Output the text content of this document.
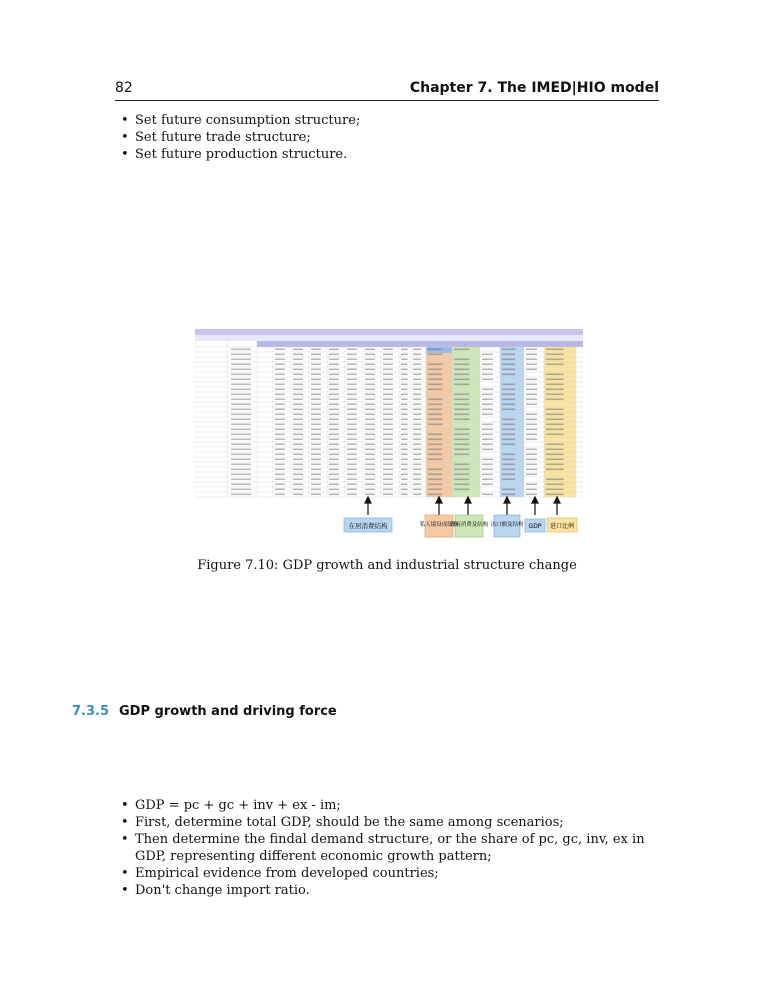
82	Chapter 7. The IMED|HIO model
• Set future consumption structure;
• Set future trade structure;
• Set future production structure.
在居消费结构	私人境设成结构
政府消费及结构 出口额及结构 GDP 进口比例
Figure 7.10: GDP growth and industrial structure change
7.3.5 GDP growth and driving force
• GDP = pc + gc + inv + ex - im;
• First, determine total GDP, should be the same among scenarios;
• Then determine the findal demand structure, or the share of pc, gc, inv, ex in GDP, representing different economic growth pattern;
• Empirical evidence from developed countries;
• Don't change import ratio.
